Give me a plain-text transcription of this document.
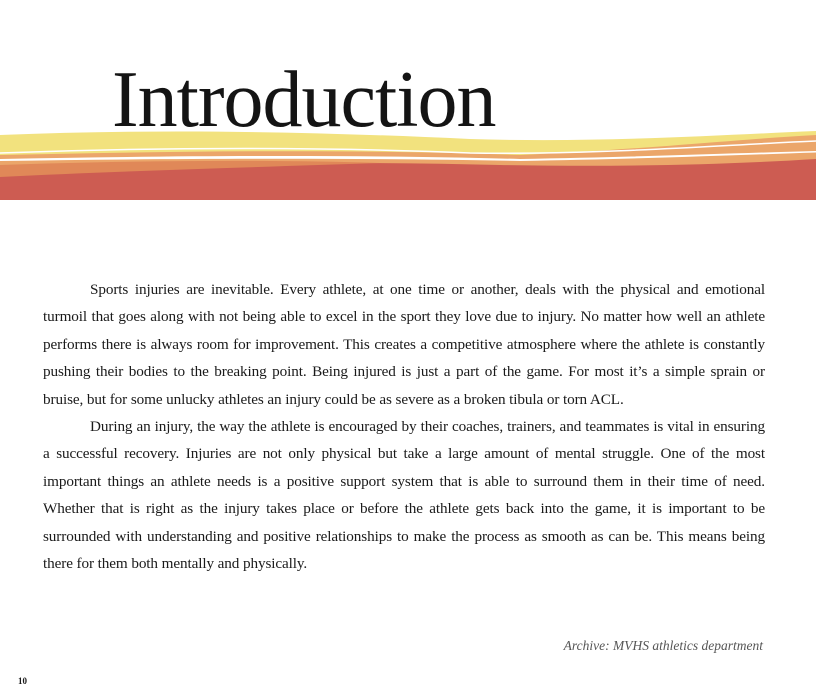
Introduction

Sports injuries are inevitable. Every athlete, at one time or another, deals with the physical and emotional turmoil that goes along with not being able to excel in the sport they love due to injury. No matter how well an athlete performs there is always room for improvement. This creates a competitive atmosphere where the athlete is constantly pushing their bodies to the breaking point. Being injured is just a part of the game. For most it’s a simple sprain or bruise, but for some unlucky athletes an injury could be as severe as a broken tibula or torn ACL.

During an injury, the way the athlete is encouraged by their coaches, trainers, and teammates is vital in ensuring a successful recovery. Injuries are not only physical but take a large amount of mental struggle. One of the most important things an athlete needs is a positive support system that is able to surround them in their time of need. Whether that is right as the injury takes place or before the athlete gets back into the game, it is important to be surrounded with understanding and positive relationships to make the process as smooth as can be. This means being there for them both mentally and physically.

Archive: MVHS athletics department
10
